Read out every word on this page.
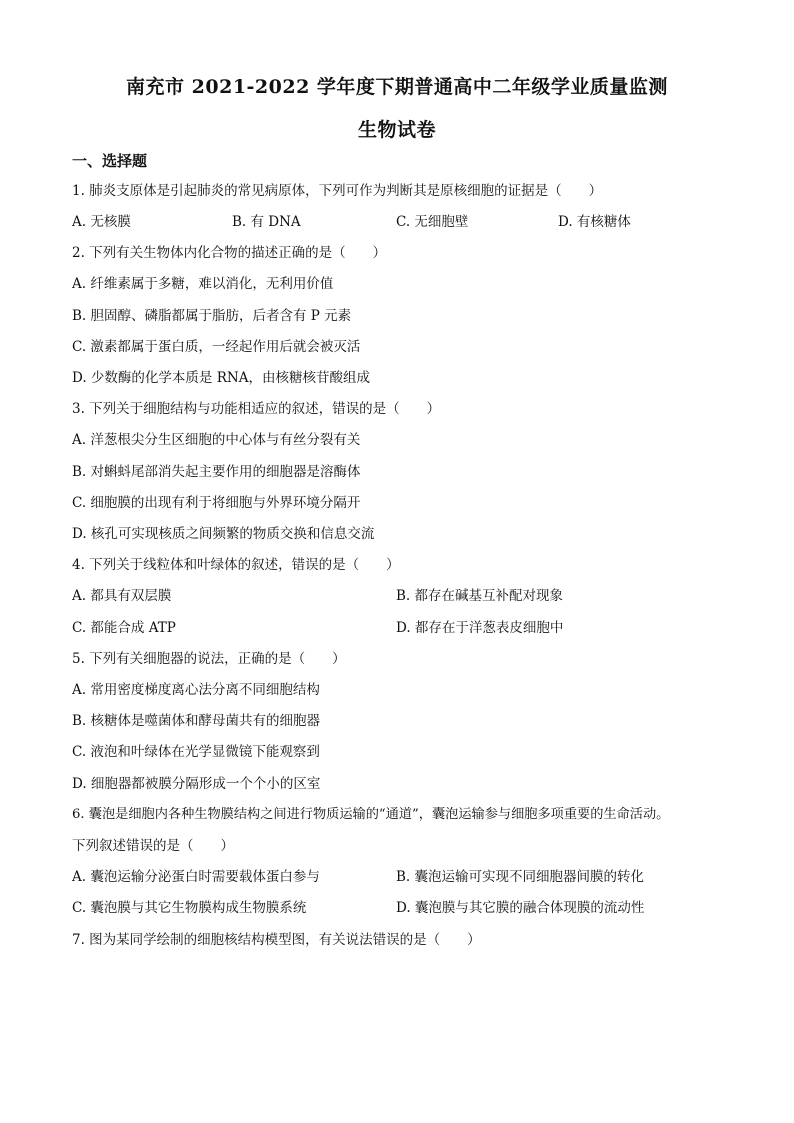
南充市 2021-2022 学年度下期普通高中二年级学业质量监测
生物试卷
一、选择题
1. 肺炎支原体是引起肺炎的常见病原体，下列可作为判断其是原核细胞的证据是（　　）
A. 无核膜	B. 有 DNA	C. 无细胞壁	D. 有核糖体
2. 下列有关生物体内化合物的描述正确的是（　　）
A. 纤维素属于多糖，难以消化，无利用价值
B. 胆固醇、磷脂都属于脂肪，后者含有 P 元素
C. 激素都属于蛋白质，一经起作用后就会被灭活
D. 少数酶的化学本质是 RNA，由核糖核苷酸组成
3. 下列关于细胞结构与功能相适应的叙述，错误的是（　　）
A. 洋葱根尖分生区细胞的中心体与有丝分裂有关
B. 对蝌蚪尾部消失起主要作用的细胞器是溶酶体
C. 细胞膜的出现有利于将细胞与外界环境分隔开
D. 核孔可实现核质之间频繁的物质交换和信息交流
4. 下列关于线粒体和叶绿体的叙述，错误的是（　　）
A. 都具有双层膜	B. 都存在碱基互补配对现象
C. 都能合成 ATP	D. 都存在于洋葱表皮细胞中
5. 下列有关细胞器的说法，正确的是（　　）
A. 常用密度梯度离心法分离不同细胞结构
B. 核糖体是噬菌体和酵母菌共有的细胞器
C. 液泡和叶绿体在光学显微镜下能观察到
D. 细胞器都被膜分隔形成一个个小的区室
6. 囊泡是细胞内各种生物膜结构之间进行物质运输的“通道”，囊泡运输参与细胞多项重要的生命活动。
下列叙述错误的是（　　）
A. 囊泡运输分泌蛋白时需要载体蛋白参与	B. 囊泡运输可实现不同细胞器间膜的转化
C. 囊泡膜与其它生物膜构成生物膜系统	D. 囊泡膜与其它膜的融合体现膜的流动性
7. 图为某同学绘制的细胞核结构模型图，有关说法错误的是（　　）
